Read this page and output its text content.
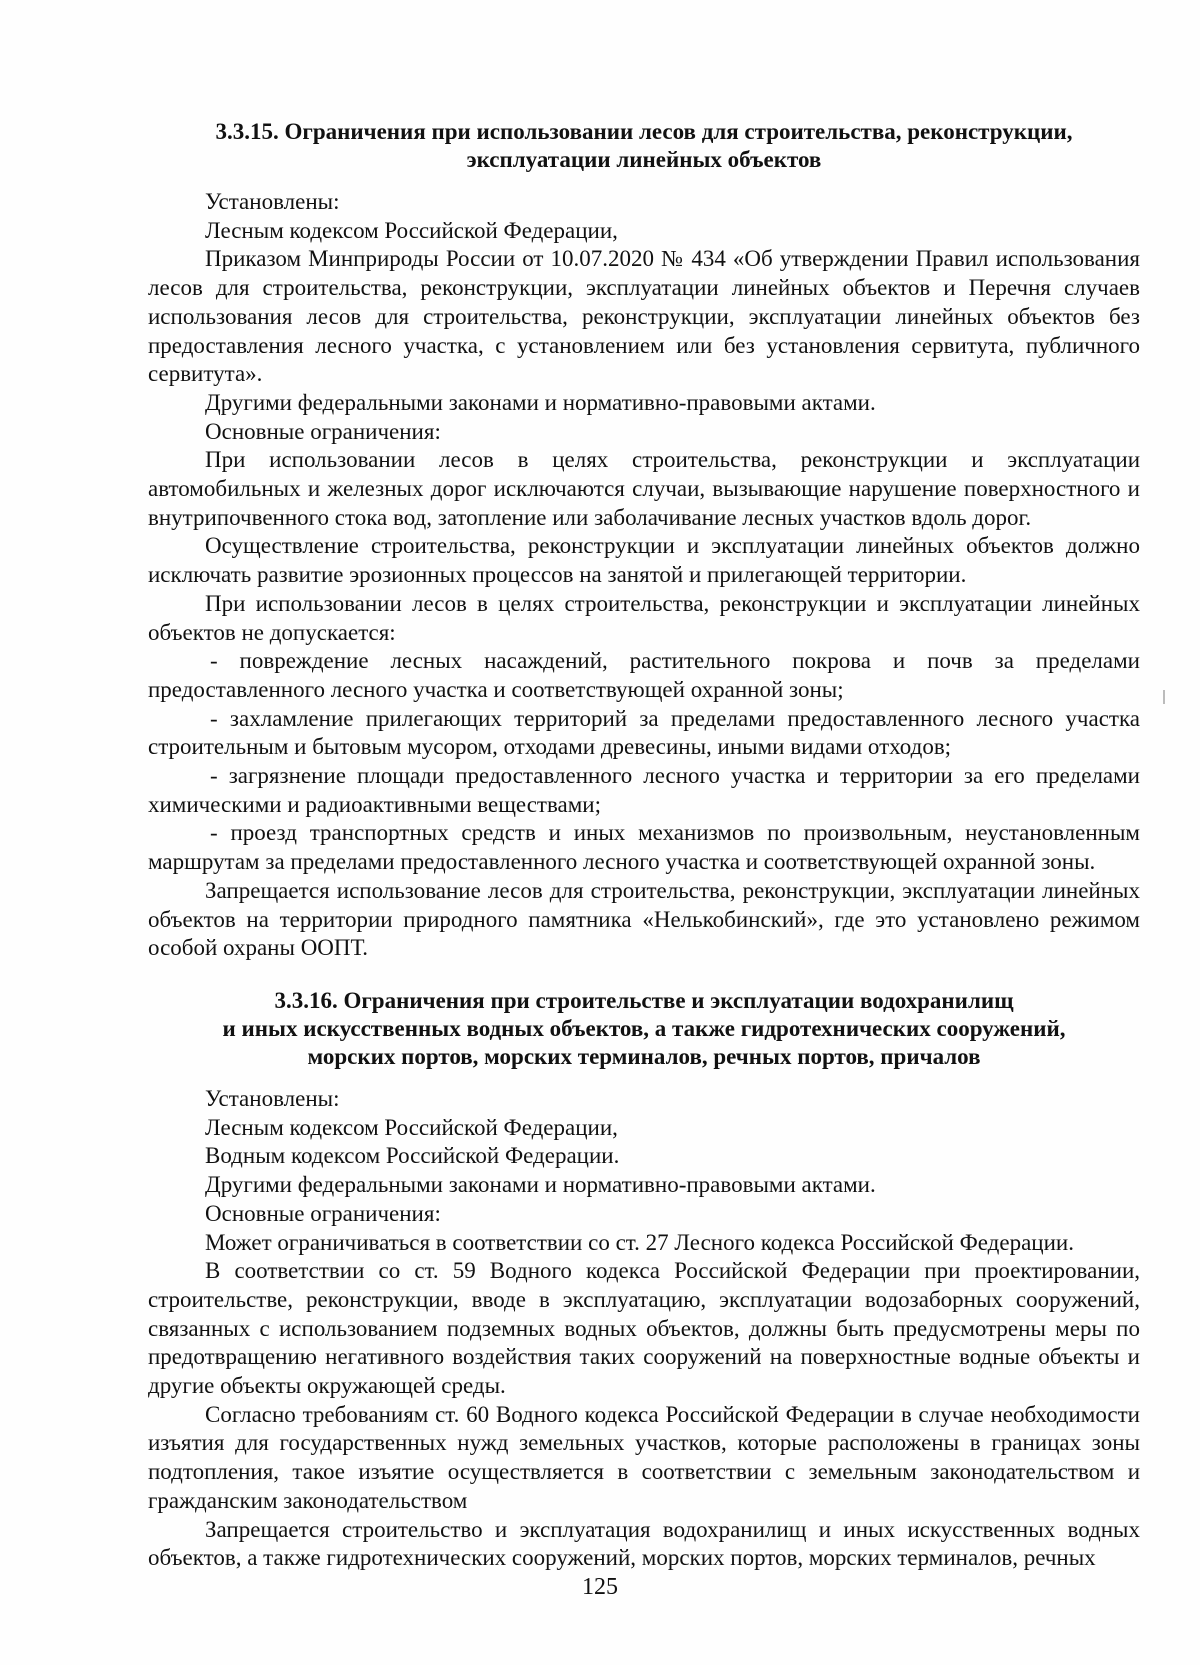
3.3.15. Ограничения при использовании лесов для строительства, реконструкции,
эксплуатации линейных объектов

Установлены:

Лесным кодексом Российской Федерации,

Приказом Минприроды России от 10.07.2020 № 434 «Об утверждении Правил использования лесов для строительства, реконструкции, эксплуатации линейных объектов и Перечня случаев использования лесов для строительства, реконструкции, эксплуатации линейных объектов без предоставления лесного участка, с установлением или без установления сервитута, публичного сервитута».

Другими федеральными законами и нормативно-правовыми актами.

Основные ограничения:

При использовании лесов в целях строительства, реконструкции и эксплуатации автомобильных и железных дорог исключаются случаи, вызывающие нарушение поверхностного и внутрипочвенного стока вод, затопление или заболачивание лесных участков вдоль дорог.

Осуществление строительства, реконструкции и эксплуатации линейных объектов должно исключать развитие эрозионных процессов на занятой и прилегающей территории.

При использовании лесов в целях строительства, реконструкции и эксплуатации линейных объектов не допускается:

- повреждение лесных насаждений, растительного покрова и почв за пределами предоставленного лесного участка и соответствующей охранной зоны;

- захламление прилегающих территорий за пределами предоставленного лесного участка строительным и бытовым мусором, отходами древесины, иными видами отходов;

- загрязнение площади предоставленного лесного участка и территории за его пределами химическими и радиоактивными веществами;

- проезд транспортных средств и иных механизмов по произвольным, неустановленным маршрутам за пределами предоставленного лесного участка и соответствующей охранной зоны.

Запрещается использование лесов для строительства, реконструкции, эксплуатации линейных объектов на территории природного памятника «Нелькобинский», где это установлено режимом особой охраны ООПТ.

3.3.16. Ограничения при строительстве и эксплуатации водохранилищ
и иных искусственных водных объектов, а также гидротехнических сооружений,
морских портов, морских терминалов, речных портов, причалов

Установлены:

Лесным кодексом Российской Федерации,

Водным кодексом Российской Федерации.

Другими федеральными законами и нормативно-правовыми актами.

Основные ограничения:

Может ограничиваться в соответствии со ст. 27 Лесного кодекса Российской Федерации.

В соответствии со ст. 59 Водного кодекса Российской Федерации при проектировании, строительстве, реконструкции, вводе в эксплуатацию, эксплуатации водозаборных сооружений, связанных с использованием подземных водных объектов, должны быть предусмотрены меры по предотвращению негативного воздействия таких сооружений на поверхностные водные объекты и другие объекты окружающей среды.

Согласно требованиям ст. 60 Водного кодекса Российской Федерации в случае необходимости изъятия для государственных нужд земельных участков, которые расположены в границах зоны подтопления, такое изъятие осуществляется в соответствии с земельным законодательством и гражданским законодательством

Запрещается строительство и эксплуатация водохранилищ и иных искусственных водных объектов, а также гидротехнических сооружений, морских портов, морских терминалов, речных

125
